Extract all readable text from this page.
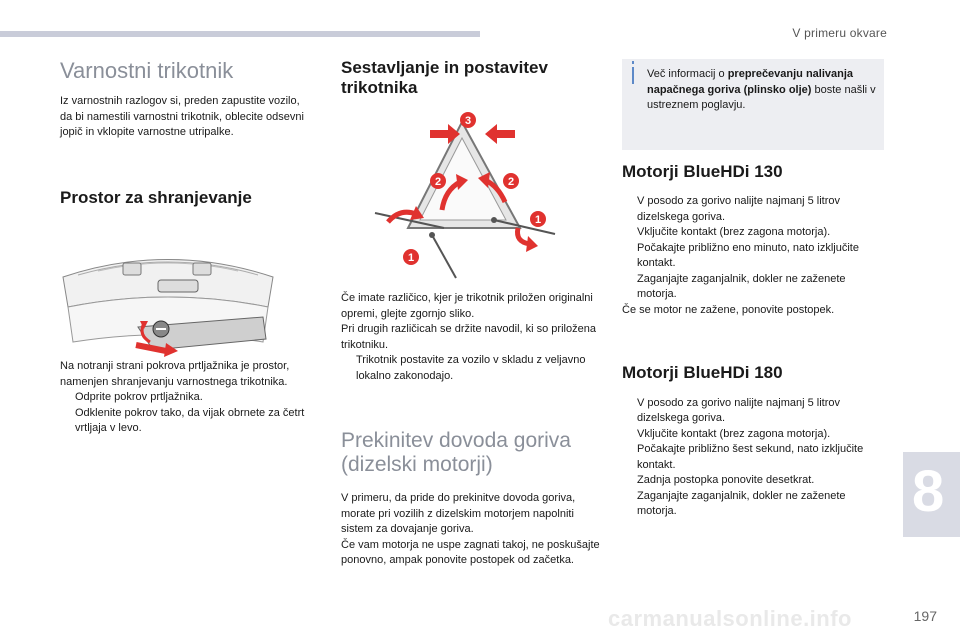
V primeru okvare
Varnostni trikotnik

Iz varnostnih razlogov si, preden zapustite vozilo, da bi namestili varnostni trikotnik, oblecite odsevni jopič in vklopite varnostne utripalke.

Prostor za shranjevanje

Na notranji strani pokrova prtljažnika je prostor, namenjen shranjevanju varnostnega trikotnika.

Odprite pokrov prtljažnika.
Odklenite pokrov tako, da vijak obrnete za četrt vrtljaja v levo.
Sestavljanje in postavitev trikotnika
3
2	2
1
1

Če imate različico, kjer je trikotnik priložen originalni opremi, glejte zgornjo sliko.

Pri drugih različicah se držite navodil, ki so priložena trikotniku.

Trikotnik postavite za vozilo v skladu z veljavno lokalno zakonodajo.
Prekinitev dovoda goriva (dizelski motorji)

V primeru, da pride do prekinitve dovoda goriva, morate pri vozilih z dizelskim motorjem napolniti sistem za dovajanje goriva.

Če vam motorja ne uspe zagnati takoj, ne poskušajte ponovno, ampak ponovite postopek od začetka.

Več informacij o preprečevanju nalivanja napačnega goriva (plinsko olje) boste našli v ustreznem poglavju.

Motorji BlueHDi 130
V posodo za gorivo nalijte najmanj 5 litrov dizelskega goriva.
Vključite kontakt (brez zagona motorja).
Počakajte približno eno minuto, nato izključite kontakt.
Zaganjajte zaganjalnik, dokler ne zaženete motorja.

Če se motor ne zažene, ponovite postopek.

Motorji BlueHDi 180
V posodo za gorivo nalijte najmanj 5 litrov dizelskega goriva.
Vključite kontakt (brez zagona motorja).
Počakajte približno šest sekund, nato izključite kontakt.
Zadnja postopka ponovite desetkrat.
Zaganjajte zaganjalnik, dokler ne zaženete motorja.	8
carmanualsonline.info	197
